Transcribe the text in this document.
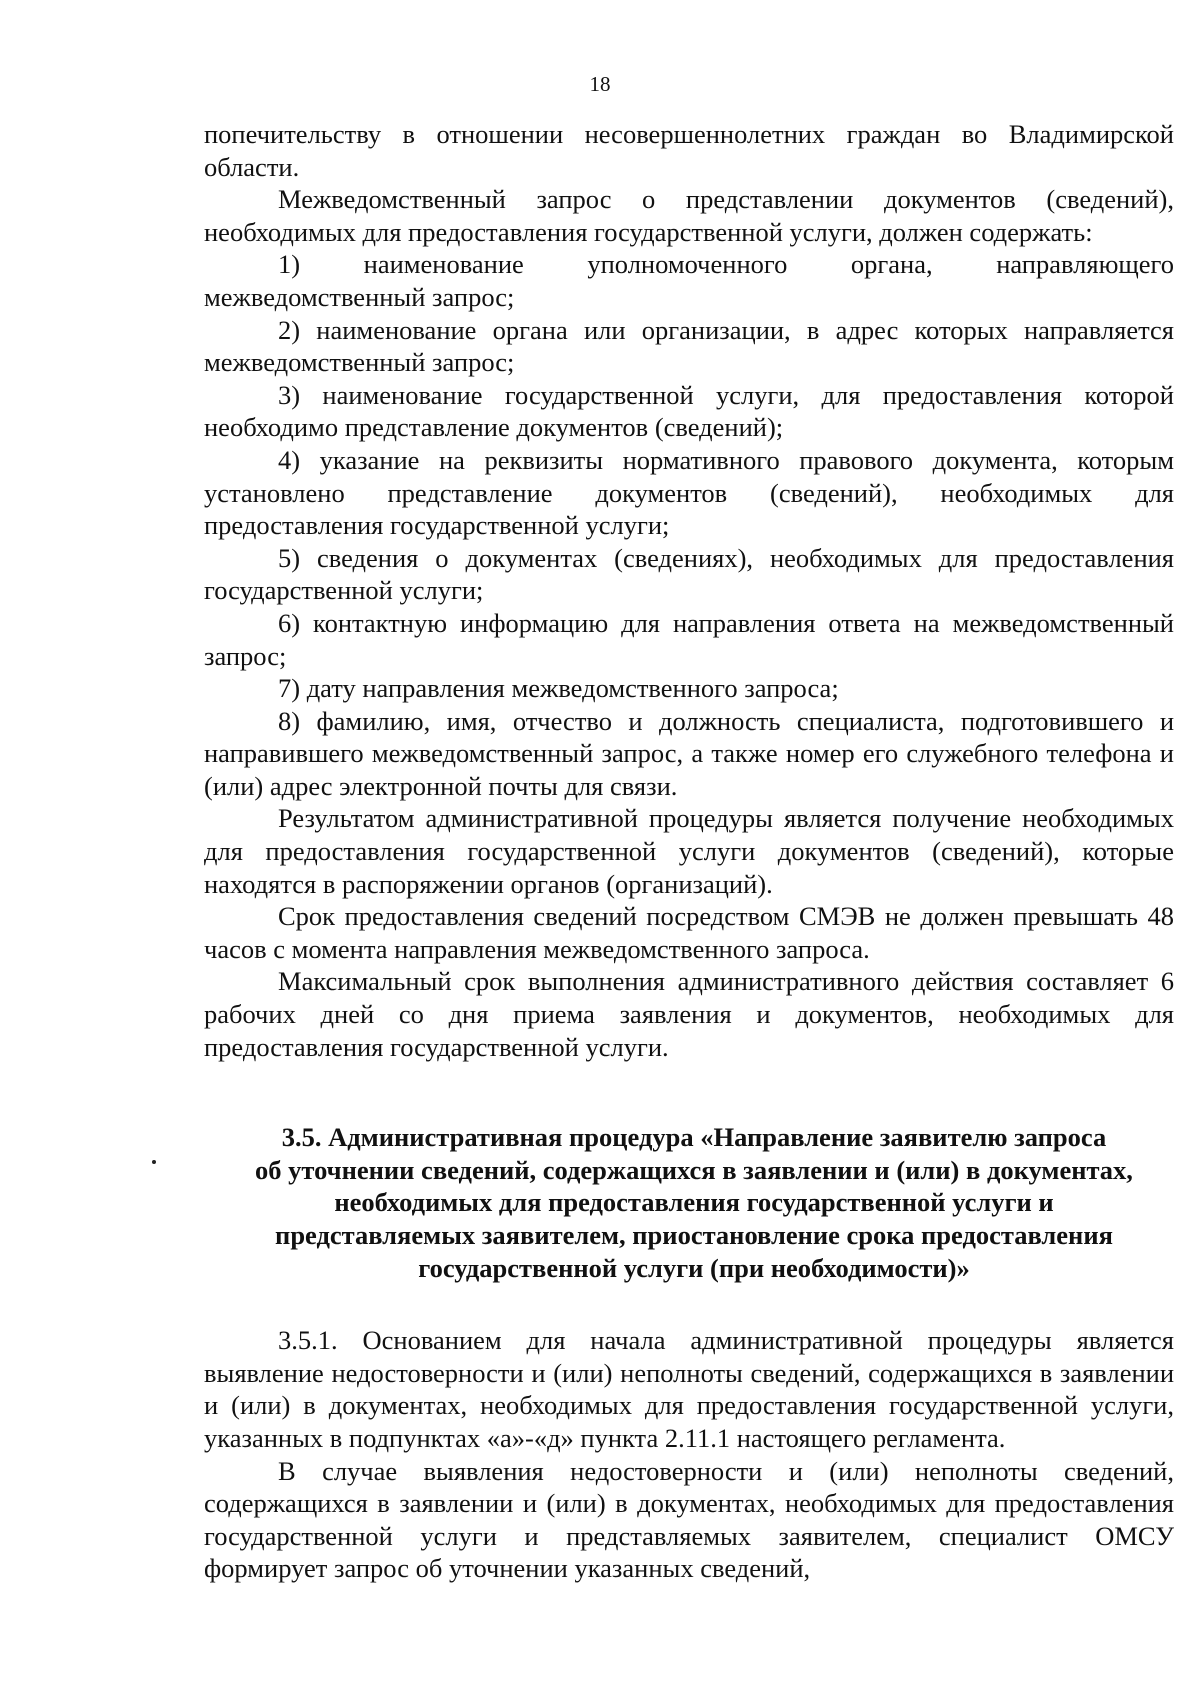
18

попечительству в отношении несовершеннолетних граждан во Владимирской области.

Межведомственный запрос о представлении документов (сведений), необходимых для предоставления государственной услуги, должен содержать:

1) наименование уполномоченного органа, направляющего межведомственный запрос;

2) наименование органа или организации, в адрес которых направляется межведомственный запрос;

3) наименование государственной услуги, для предоставления которой необходимо представление документов (сведений);

4) указание на реквизиты нормативного правового документа, которым установлено представление документов (сведений), необходимых для предоставления государственной услуги;

5) сведения о документах (сведениях), необходимых для предоставления государственной услуги;

6) контактную информацию для направления ответа на межведомственный запрос;

7) дату направления межведомственного запроса;

8) фамилию, имя, отчество и должность специалиста, подготовившего и направившего межведомственный запрос, а также номер его служебного телефона и (или) адрес электронной почты для связи.

Результатом административной процедуры является получение необходимых для предоставления государственной услуги документов (сведений), которые находятся в распоряжении органов (организаций).

Срок предоставления сведений посредством СМЭВ не должен превышать 48 часов с момента направления межведомственного запроса.

Максимальный срок выполнения административного действия составляет 6 рабочих дней со дня приема заявления и документов, необходимых для предоставления государственной услуги.

3.5. Административная процедура «Направление заявителю запроса
об уточнении сведений, содержащихся в заявлении и (или) в документах,
необходимых для предоставления государственной услуги и
представляемых заявителем, приостановление срока предоставления
государственной услуги (при необходимости)»

3.5.1. Основанием для начала административной процедуры является выявление недостоверности и (или) неполноты сведений, содержащихся в заявлении и (или) в документах, необходимых для предоставления государственной услуги, указанных в подпунктах «а»-«д» пункта 2.11.1 настоящего регламента.

В случае выявления недостоверности и (или) неполноты сведений, содержащихся в заявлении и (или) в документах, необходимых для предоставления государственной услуги и представляемых заявителем, специалист ОМСУ формирует запрос об уточнении указанных сведений,
